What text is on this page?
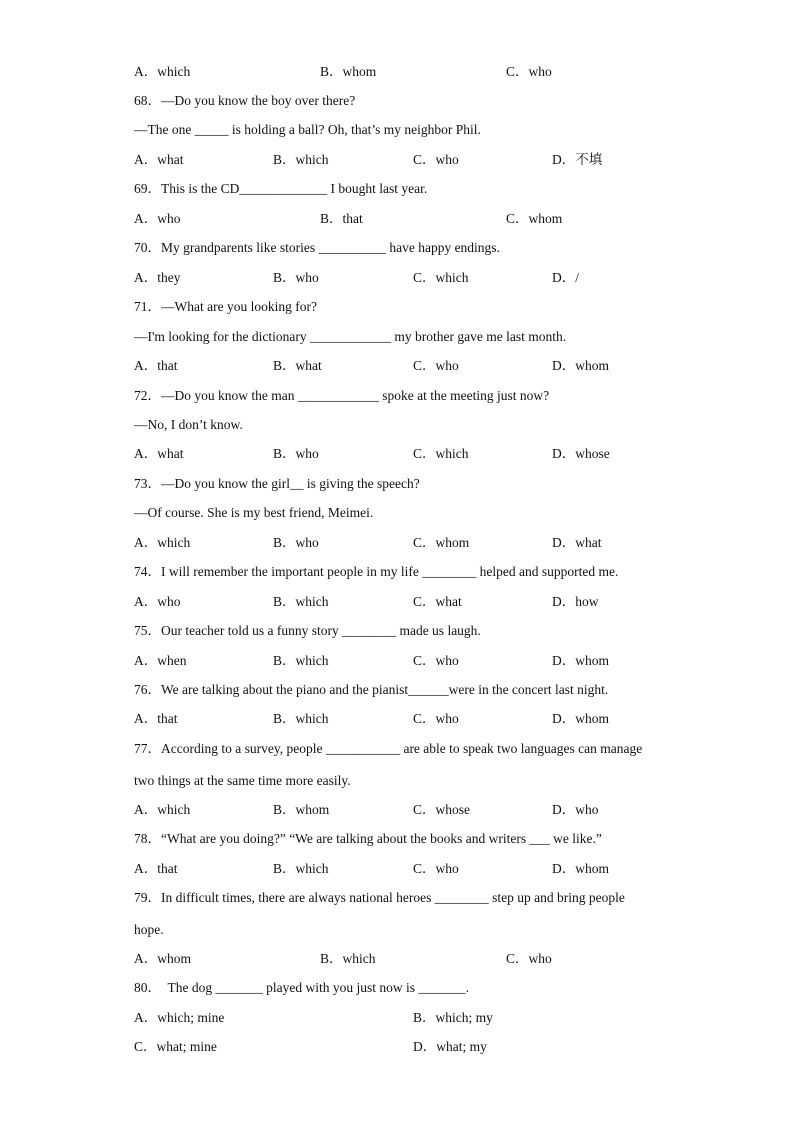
A．which	B．whom	C．who
68．—Do you know the boy over there?
—The one _____ is holding a ball? Oh, that’s my neighbor Phil.
A．what	B．which	C．who	D．不填
69．This is the CD_____________ I bought last year.
A．who	B．that	C．whom
70．My grandparents like stories __________ have happy endings.
A．they	B．who	C．which	D．/
71．—What are you looking for?
—I'm looking for the dictionary ____________ my brother gave me last month.
A．that	B．what	C．who	D．whom
72．—Do you know the man ____________ spoke at the meeting just now?
—No, I don’t know.
A．what	B．who	C．which	D．whose
73．—Do you know the girl__ is giving the speech?
—Of course. She is my best friend, Meimei.
A．which	B．who	C．whom	D．what
74．I will remember the important people in my life ________ helped and supported me.
A．who	B．which	C．what	D．how
75．Our teacher told us a funny story ________ made us laugh.
A．when	B．which	C．who	D．whom
76．We are talking about the piano and the pianist______were in the concert last night.
A．that	B．which	C．who	D．whom
77．According to a survey, people ___________ are able to speak two languages can manage
two things at the same time more easily.
A．which	B．whom	C．whose	D．who
78．“What are you doing?” “We are talking about the books and writers ___ we like.”
A．that	B．which	C．who	D．whom
79．In difficult times, there are always national heroes ________ step up and bring people
hope.
A．whom	B．which	C．who
80．  The dog _______ played with you just now is _______.
A．which; mine	B．which; my
C．what; mine	D．what; my
